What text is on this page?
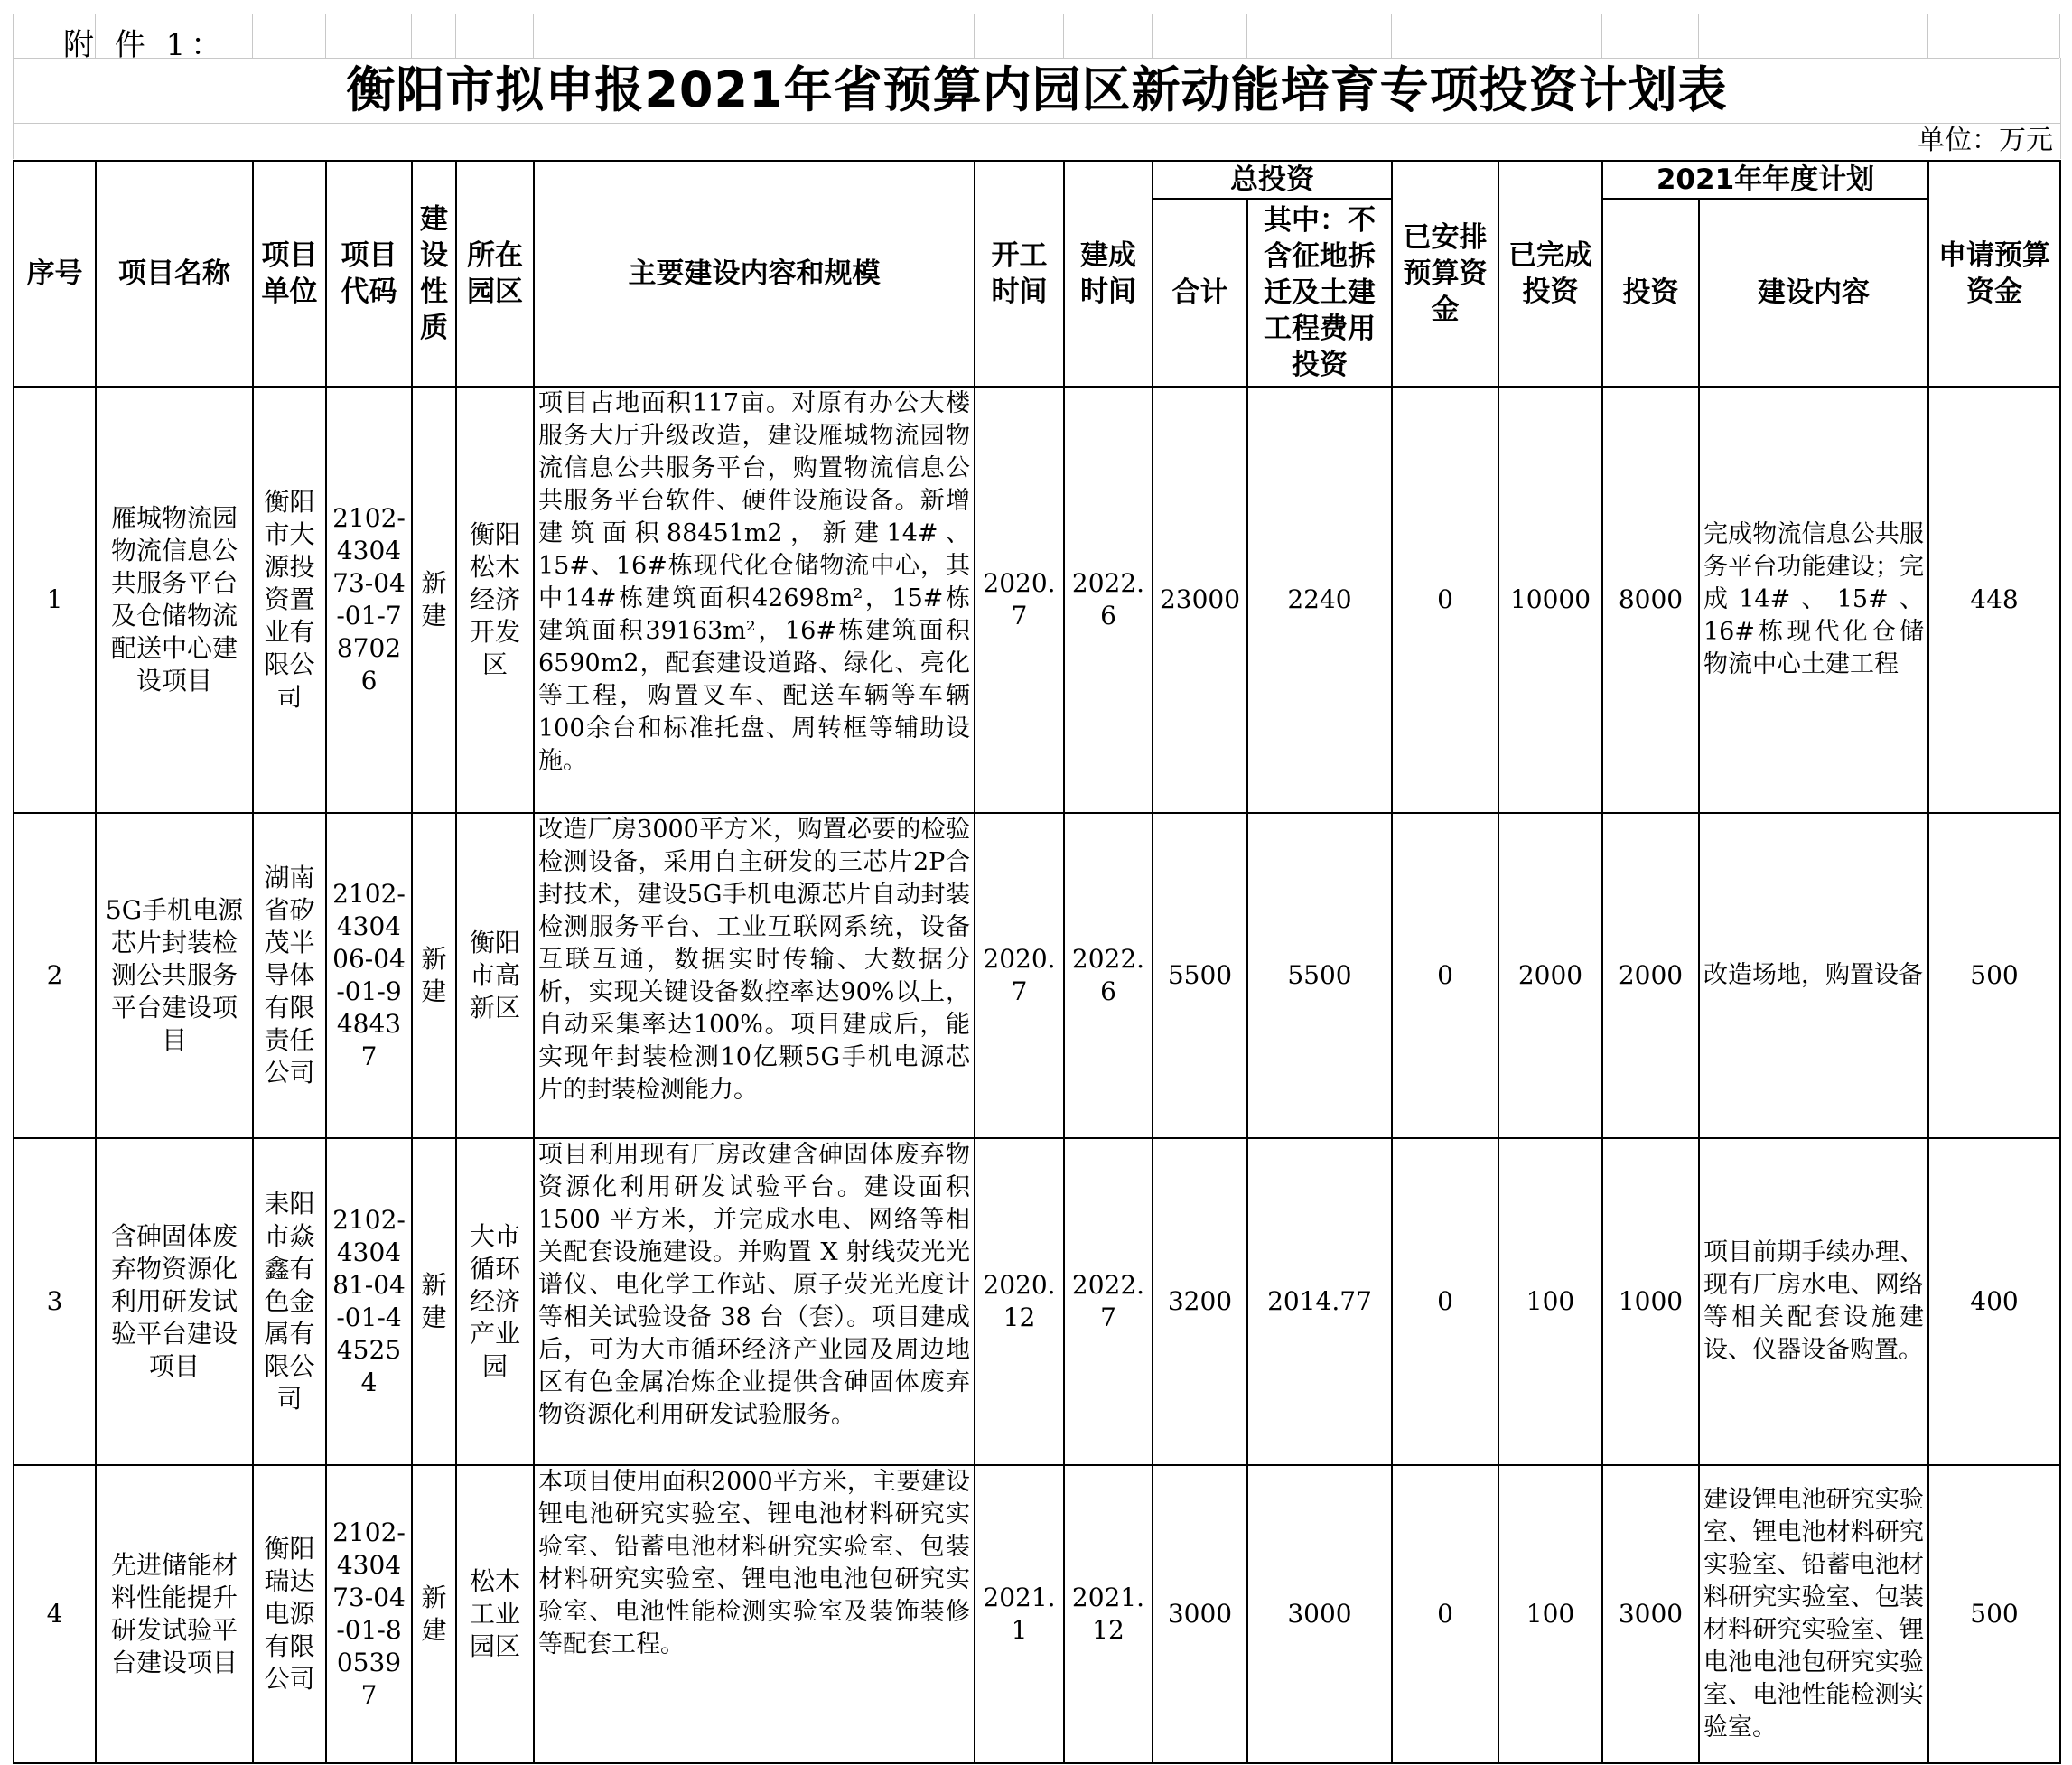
附 件 1：
衡阳市拟申报2021年省预算内园区新动能培育专项投资计划表
单位：万元
序号	项目名称	项目单位	项目代码	建设性质	所在园区	主要建设内容和规模	开工时间	建成时间	总投资		已安排预算资金	已完成投资	2021年年度计划		申请预算资金
									合计	其中：不含征地拆迁及土建工程费用投资			投资	建设内容	
1	雁城物流园物流信息公共服务平台及仓储物流配送中心建设项目	衡阳市大源投资置业有限公司	2102-430473-04-01-787026	新建	衡阳松木经济开发区	项目占地面积117亩。对原有办公大楼服务大厅升级改造，建设雁城物流园物流信息公共服务平台，购置物流信息公共服务平台软件、硬件设施设备。新增建筑面积88451m2，新建14#、15#、16#栋现代化仓储物流中心，其中14#栋建筑面积42698m²，15#栋建筑面积39163m²，16#栋建筑面积6590m2，配套建设道路、绿化、亮化等工程，购置叉车、配送车辆等车辆100余台和标准托盘、周转框等辅助设施。	2020.7	2022.6	23000	2240	0	10000	8000	完成物流信息公共服务平台功能建设；完成14#、15#、16#栋现代化仓储物流中心土建工程	448
2	5G手机电源芯片封装检测公共服务平台建设项目	湖南省矽茂半导体有限责任公司	2102-430406-04-01-948437	新建	衡阳市高新区	改造厂房3000平方米，购置必要的检验检测设备，采用自主研发的三芯片2P合封技术，建设5G手机电源芯片自动封装检测服务平台、工业互联网系统，设备互联互通，数据实时传输、大数据分析，实现关键设备数控率达90%以上，自动采集率达100%。项目建成后，能实现年封装检测10亿颗5G手机电源芯片的封装检测能力。	2020.7	2022.6	5500	5500	0	2000	2000	改造场地，购置设备	500
3	含砷固体废弃物资源化利用研发试验平台建设项目	耒阳市焱鑫有色金属有限公司	2102-430481-04-01-445254	新建	大市循环经济产业园	项目利用现有厂房改建含砷固体废弃物资源化利用研发试验平台。建设面积 1500 平方米，并完成水电、网络等相关配套设施建设。并购置 X 射线荧光光谱仪、电化学工作站、原子荧光光度计等相关试验设备 38 台（套）。项目建成后，可为大市循环经济产业园及周边地区有色金属冶炼企业提供含砷固体废弃物资源化利用研发试验服务。	2020.12	2022.7	3200	2014.77	0	100	1000	项目前期手续办理、现有厂房水电、网络等相关配套设施建设、仪器设备购置。	400
4	先进储能材料性能提升研发试验平台建设项目	衡阳瑞达电源有限公司	2102-430473-04-01-805397	新建	松木工业园区	本项目使用面积2000平方米，主要建设锂电池研究实验室、锂电池材料研究实验室、铅蓄电池材料研究实验室、包装材料研究实验室、锂电池电池包研究实验室、电池性能检测实验室及装饰装修等配套工程。	2021.1	2021.12	3000	3000	0	100	3000	建设锂电池研究实验室、锂电池材料研究实验室、铅蓄电池材料研究实验室、包装材料研究实验室、锂电池电池包研究实验室、电池性能检测实验室。	500
